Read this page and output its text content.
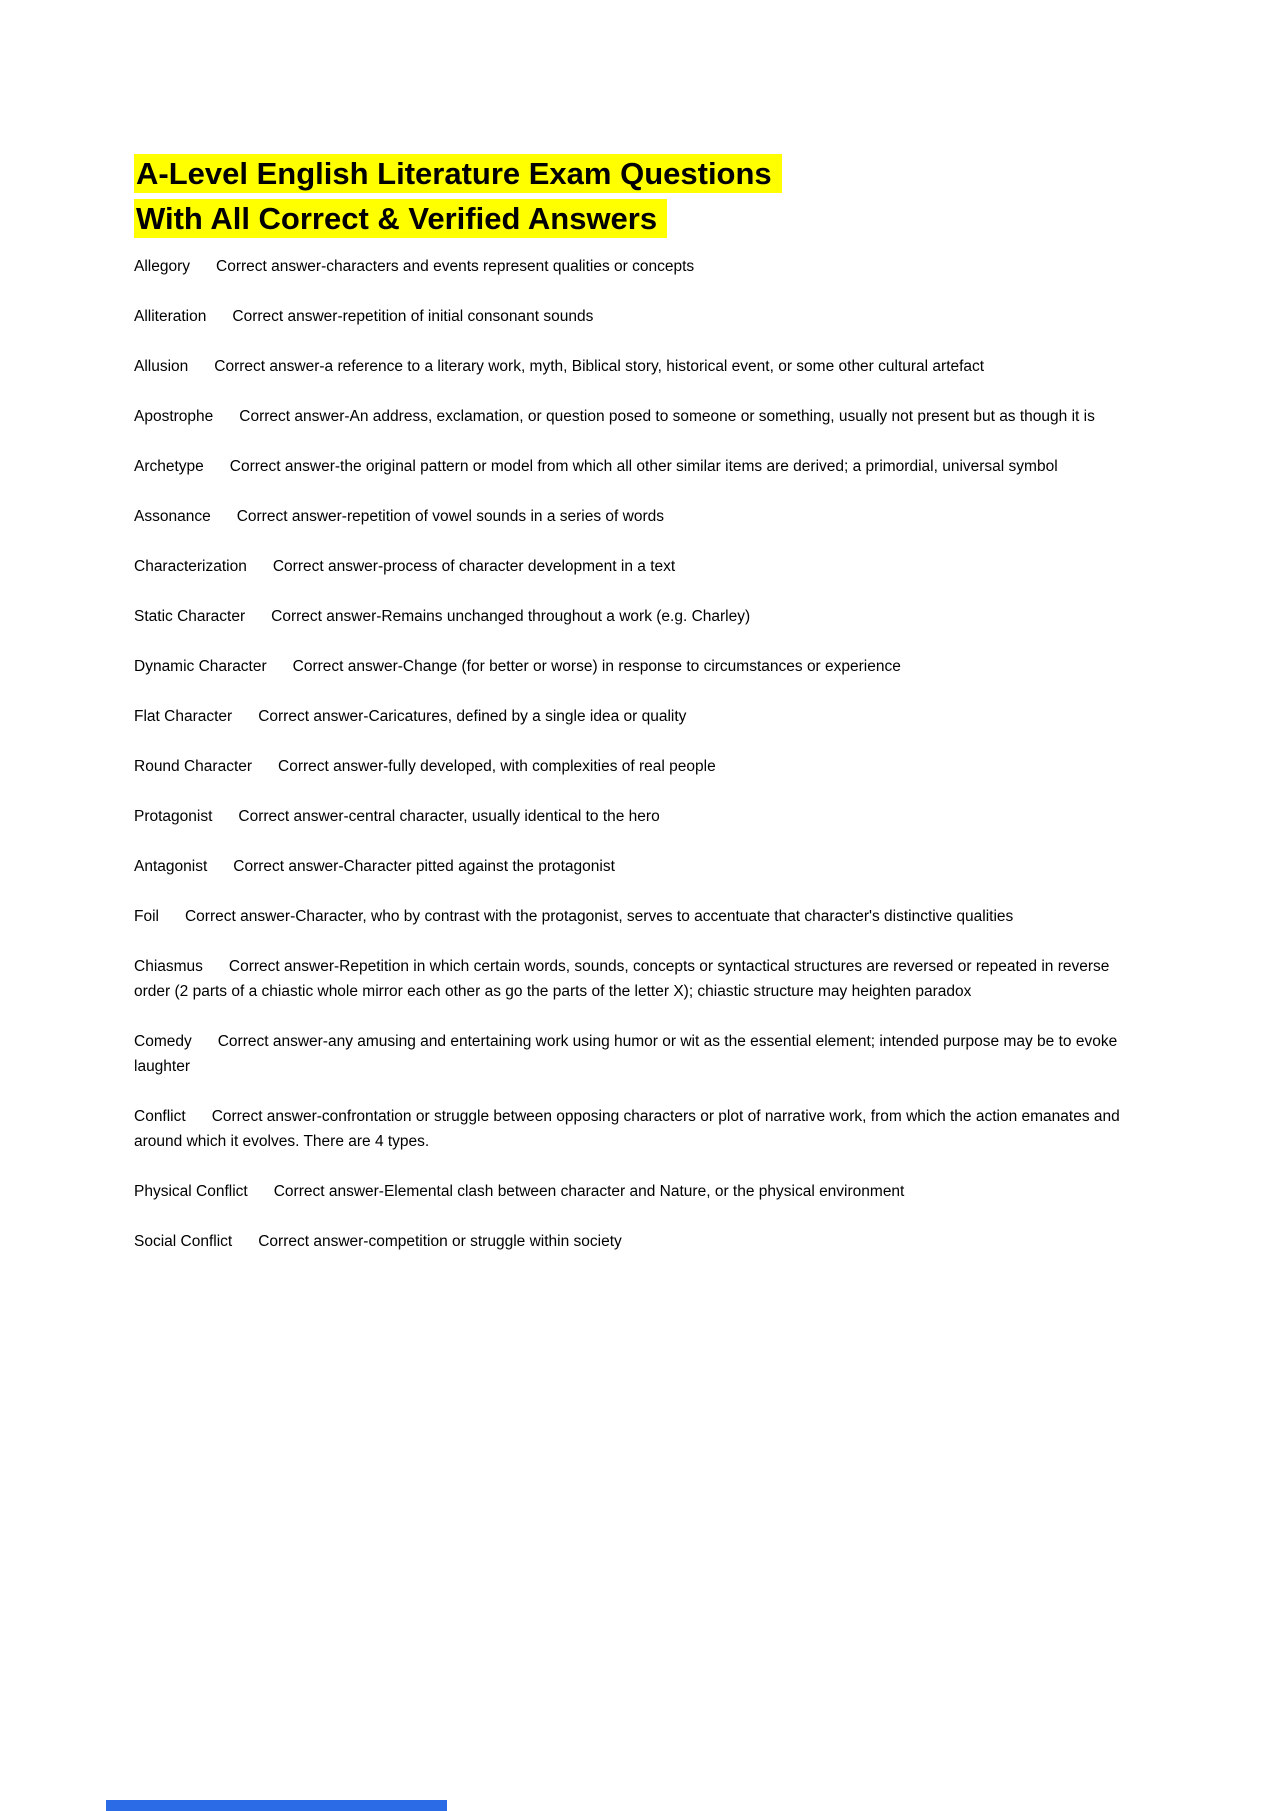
A-Level English Literature Exam Questions
With All Correct & Verified Answers

Allegory Correct answer-characters and events represent qualities or concepts

Alliteration Correct answer-repetition of initial consonant sounds

Allusion Correct answer-a reference to a literary work, myth, Biblical story, historical event, or some other cultural artefact

Apostrophe Correct answer-An address, exclamation, or question posed to someone or something, usually not present but as though it is

Archetype Correct answer-the original pattern or model from which all other similar items are derived; a primordial, universal symbol

Assonance Correct answer-repetition of vowel sounds in a series of words

Characterization Correct answer-process of character development in a text

Static Character Correct answer-Remains unchanged throughout a work (e.g. Charley)

Dynamic Character Correct answer-Change (for better or worse) in response to circumstances or experience

Flat Character Correct answer-Caricatures, defined by a single idea or quality

Round Character Correct answer-fully developed, with complexities of real people

Protagonist Correct answer-central character, usually identical to the hero

Antagonist Correct answer-Character pitted against the protagonist

Foil Correct answer-Character, who by contrast with the protagonist, serves to accentuate that character's distinctive qualities

Chiasmus Correct answer-Repetition in which certain words, sounds, concepts or syntactical structures are reversed or repeated in reverse order (2 parts of a chiastic whole mirror each other as go the parts of the letter X); chiastic structure may heighten paradox

Comedy Correct answer-any amusing and entertaining work using humor or wit as the essential element; intended purpose may be to evoke laughter

Conflict Correct answer-confrontation or struggle between opposing characters or plot of narrative work, from which the action emanates and around which it evolves. There are 4 types.

Physical Conflict Correct answer-Elemental clash between character and Nature, or the physical environment

Social Conflict Correct answer-competition or struggle within society
